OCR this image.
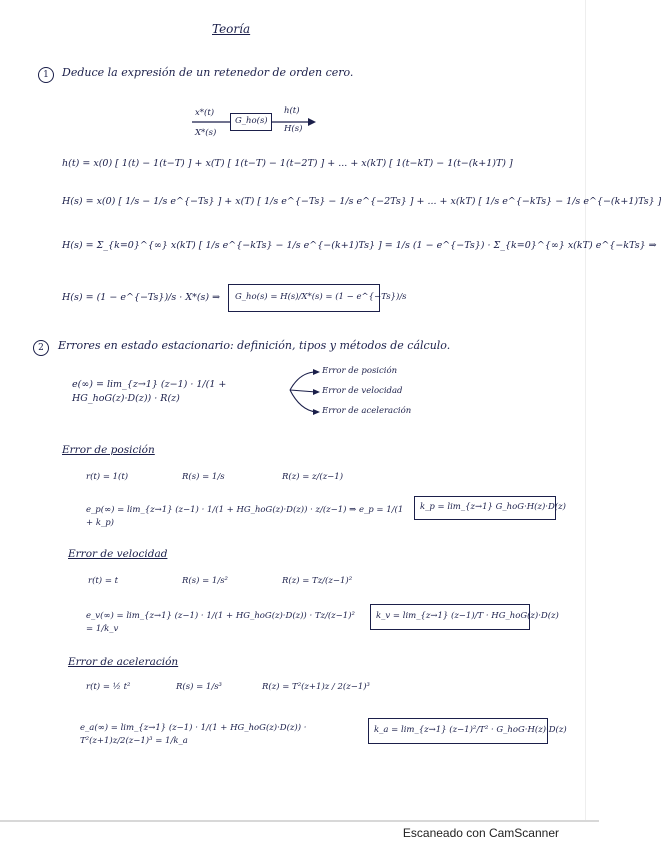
Teoría
1	Deduce la expresión de un retenedor de orden cero.
x*(t)
X*(s)
G_ho(s)
h(t)
H(s)
h(t) = x(0) [ 1(t) − 1(t−T) ] + x(T) [ 1(t−T) − 1(t−2T) ] + ... + x(kT) [ 1(t−kT) − 1(t−(k+1)T) ]
H(s) = x(0) [ 1/s − 1/s e^{−Ts} ] + x(T) [ 1/s e^{−Ts} − 1/s e^{−2Ts} ] + ... + x(kT) [ 1/s e^{−kTs} − 1/s e^{−(k+1)Ts} ]
H(s) = Σ_{k=0}^{∞} x(kT) [ 1/s e^{−kTs} − 1/s e^{−(k+1)Ts} ] = 1/s (1 − e^{−Ts}) · Σ_{k=0}^{∞} x(kT) e^{−kTs} ⇒
H(s) = (1 − e^{−Ts})/s · X*(s) ⇒	G_ho(s) = H(s)/X*(s) = (1 − e^{−Ts})/s
2	Errores en estado estacionario: definición, tipos y métodos de cálculo.
e(∞) = lim_{z→1} (z−1) · 1/(1 + HG_hoG(z)·D(z)) · R(z)
Error de posición
Error de velocidad
Error de aceleración
Error de posición
r(t) = 1(t)	R(s) = 1/s	R(z) = z/(z−1)
e_p(∞) = lim_{z→1} (z−1) · 1/(1 + HG_hoG(z)·D(z)) · z/(z−1) ⇒ e_p = 1/(1 + k_p)
k_p = lim_{z→1} G_hoG·H(z)·D(z)
Error de velocidad
r(t) = t	R(s) = 1/s²	R(z) = Tz/(z−1)²
e_v(∞) = lim_{z→1} (z−1) · 1/(1 + HG_hoG(z)·D(z)) · Tz/(z−1)² = 1/k_v
k_v = lim_{z→1} (z−1)/T · HG_hoG(z)·D(z)
Error de aceleración
r(t) = ½ t²	R(s) = 1/s³	R(z) = T²(z+1)z / 2(z−1)³
e_a(∞) = lim_{z→1} (z−1) · 1/(1 + HG_hoG(z)·D(z)) · T²(z+1)z/2(z−1)³ = 1/k_a
k_a = lim_{z→1} (z−1)²/T² · G_hoG·H(z)·D(z)
Escaneado con CamScanner
